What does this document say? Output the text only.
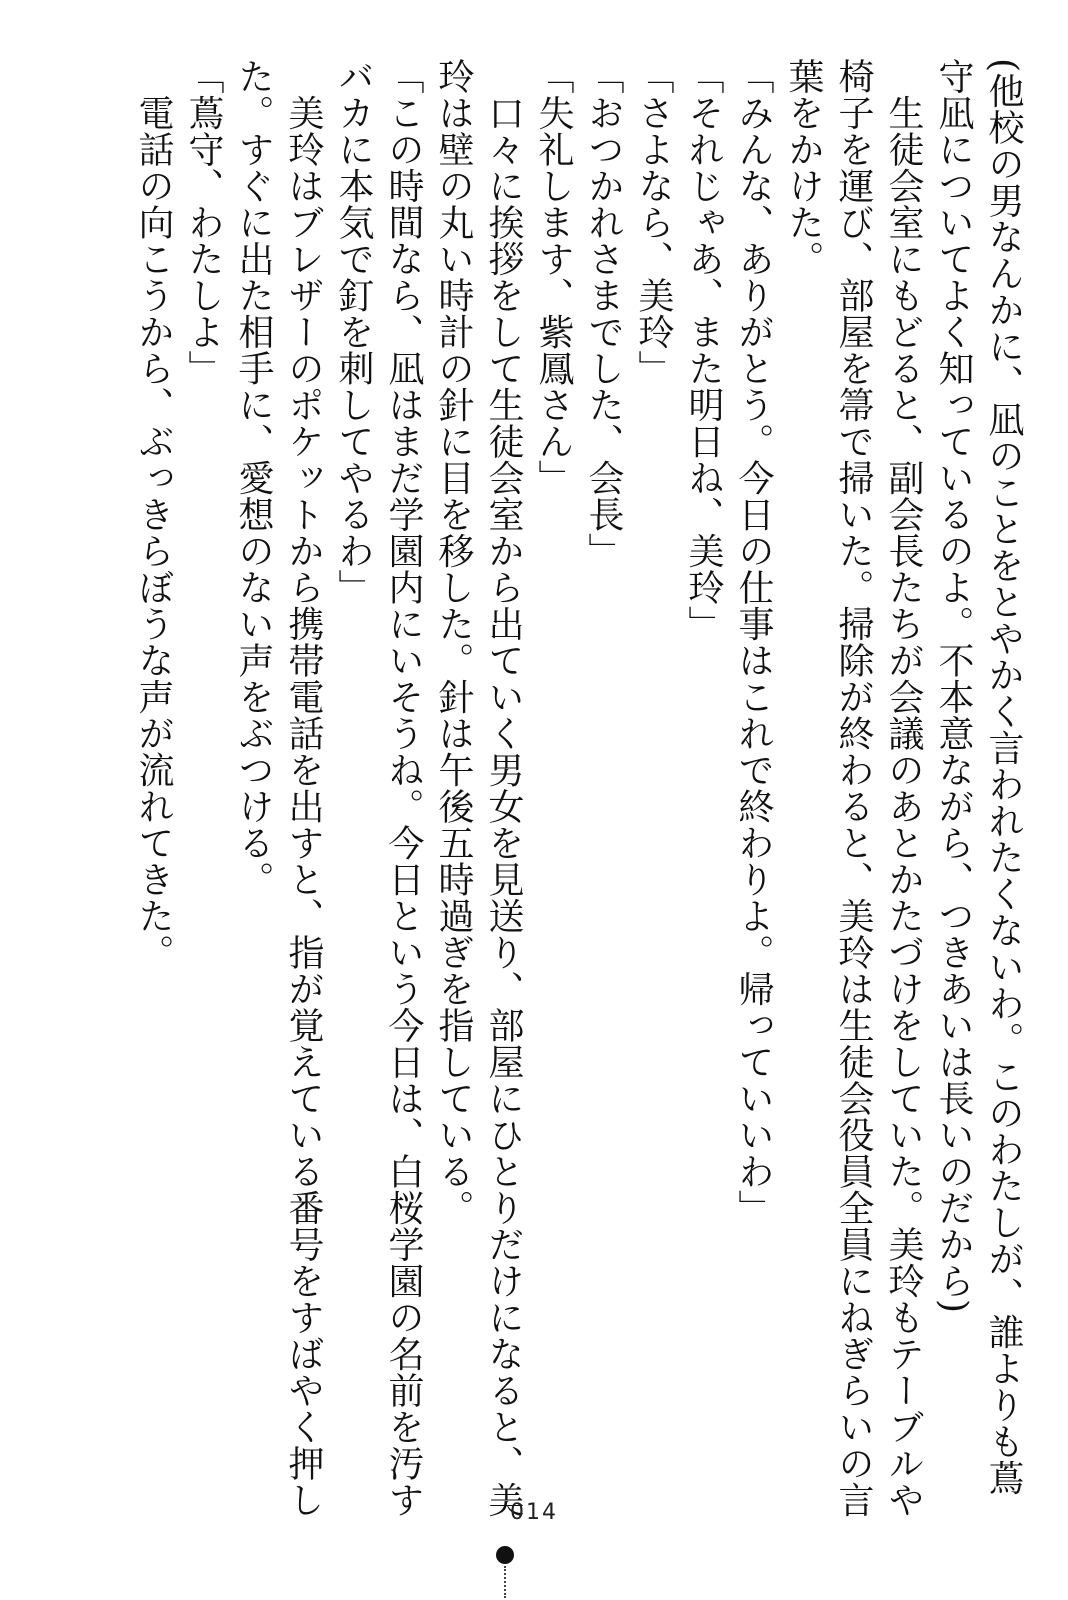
(他校の男なんかに、凪のことをとやかく言われたくないわ。このわたしが、誰よりも蔦
守凪についてよく知っているのよ。不本意ながら、つきあいは長いのだから)
　生徒会室にもどると、副会長たちが会議のあとかたづけをしていた。美玲もテーブルや
椅子を運び、部屋を箒で掃いた。掃除が終わると、美玲は生徒会役員全員にねぎらいの言
葉をかけた。
「みんな、ありがとう。今日の仕事はこれで終わりよ。帰っていいわ」
「それじゃあ、また明日ね、美玲」
「さよなら、美玲」
「おつかれさまでした、会長」
「失礼します、紫鳳さん」
　口々に挨拶をして生徒会室から出ていく男女を見送り、部屋にひとりだけになると、美
玲は壁の丸い時計の針に目を移した。針は午後五時過ぎを指している。
「この時間なら、凪はまだ学園内にいそうね。今日という今日は、白桜学園の名前を汚す
バカに本気で釘を刺してやるわ」
　美玲はブレザーのポケットから携帯電話を出すと、指が覚えている番号をすばやく押し
た。すぐに出た相手に、愛想のない声をぶつける。
「蔦守、わたしよ」
　電話の向こうから、ぶっきらぼうな声が流れてきた。
014
